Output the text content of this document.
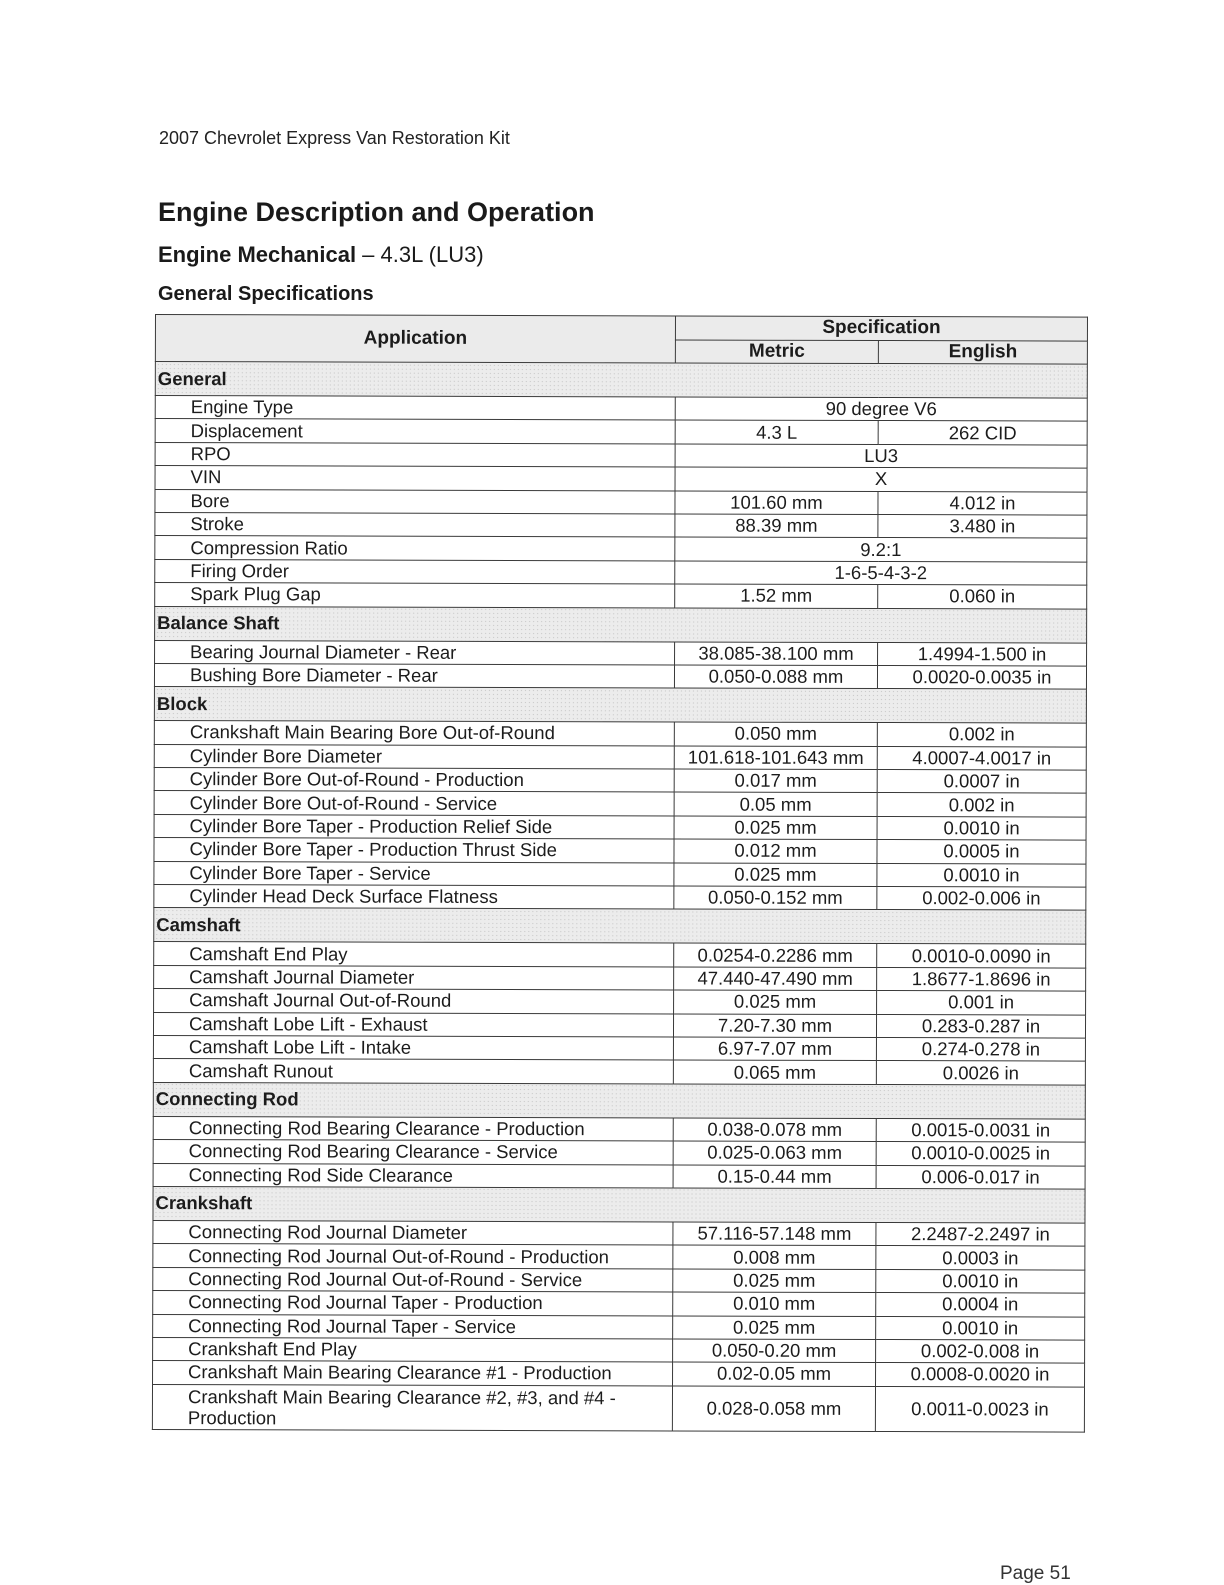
2007 Chevrolet Express Van Restoration Kit
Engine Description and Operation
Engine Mechanical – 4.3L (LU3)
General Specifications
Application	Specification	
	Metric	English
General		
Engine Type	90 degree V6	
Displacement	4.3 L	262 CID
RPO	LU3	
VIN	X	
Bore	101.60 mm	4.012 in
Stroke	88.39 mm	3.480 in
Compression Ratio	9.2:1	
Firing Order	1-6-5-4-3-2	
Spark Plug Gap	1.52 mm	0.060 in
Balance Shaft		
Bearing Journal Diameter - Rear	38.085-38.100 mm	1.4994-1.500 in
Bushing Bore Diameter - Rear	0.050-0.088 mm	0.0020-0.0035 in
Block		
Crankshaft Main Bearing Bore Out-of-Round	0.050 mm	0.002 in
Cylinder Bore Diameter	101.618-101.643 mm	4.0007-4.0017 in
Cylinder Bore Out-of-Round - Production	0.017 mm	0.0007 in
Cylinder Bore Out-of-Round - Service	0.05 mm	0.002 in
Cylinder Bore Taper - Production Relief Side	0.025 mm	0.0010 in
Cylinder Bore Taper - Production Thrust Side	0.012 mm	0.0005 in
Cylinder Bore Taper - Service	0.025 mm	0.0010 in
Cylinder Head Deck Surface Flatness	0.050-0.152 mm	0.002-0.006 in
Camshaft		
Camshaft End Play	0.0254-0.2286 mm	0.0010-0.0090 in
Camshaft Journal Diameter	47.440-47.490 mm	1.8677-1.8696 in
Camshaft Journal Out-of-Round	0.025 mm	0.001 in
Camshaft Lobe Lift - Exhaust	7.20-7.30 mm	0.283-0.287 in
Camshaft Lobe Lift - Intake	6.97-7.07 mm	0.274-0.278 in
Camshaft Runout	0.065 mm	0.0026 in
Connecting Rod		
Connecting Rod Bearing Clearance - Production	0.038-0.078 mm	0.0015-0.0031 in
Connecting Rod Bearing Clearance - Service	0.025-0.063 mm	0.0010-0.0025 in
Connecting Rod Side Clearance	0.15-0.44 mm	0.006-0.017 in
Crankshaft		
Connecting Rod Journal Diameter	57.116-57.148 mm	2.2487-2.2497 in
Connecting Rod Journal Out-of-Round - Production	0.008 mm	0.0003 in
Connecting Rod Journal Out-of-Round - Service	0.025 mm	0.0010 in
Connecting Rod Journal Taper - Production	0.010 mm	0.0004 in
Connecting Rod Journal Taper - Service	0.025 mm	0.0010 in
Crankshaft End Play	0.050-0.20 mm	0.002-0.008 in
Crankshaft Main Bearing Clearance #1 - Production	0.02-0.05 mm	0.0008-0.0020 in
Crankshaft Main Bearing Clearance #2, #3, and #4 - Production	0.028-0.058 mm	0.0011-0.0023 in
Page 51
